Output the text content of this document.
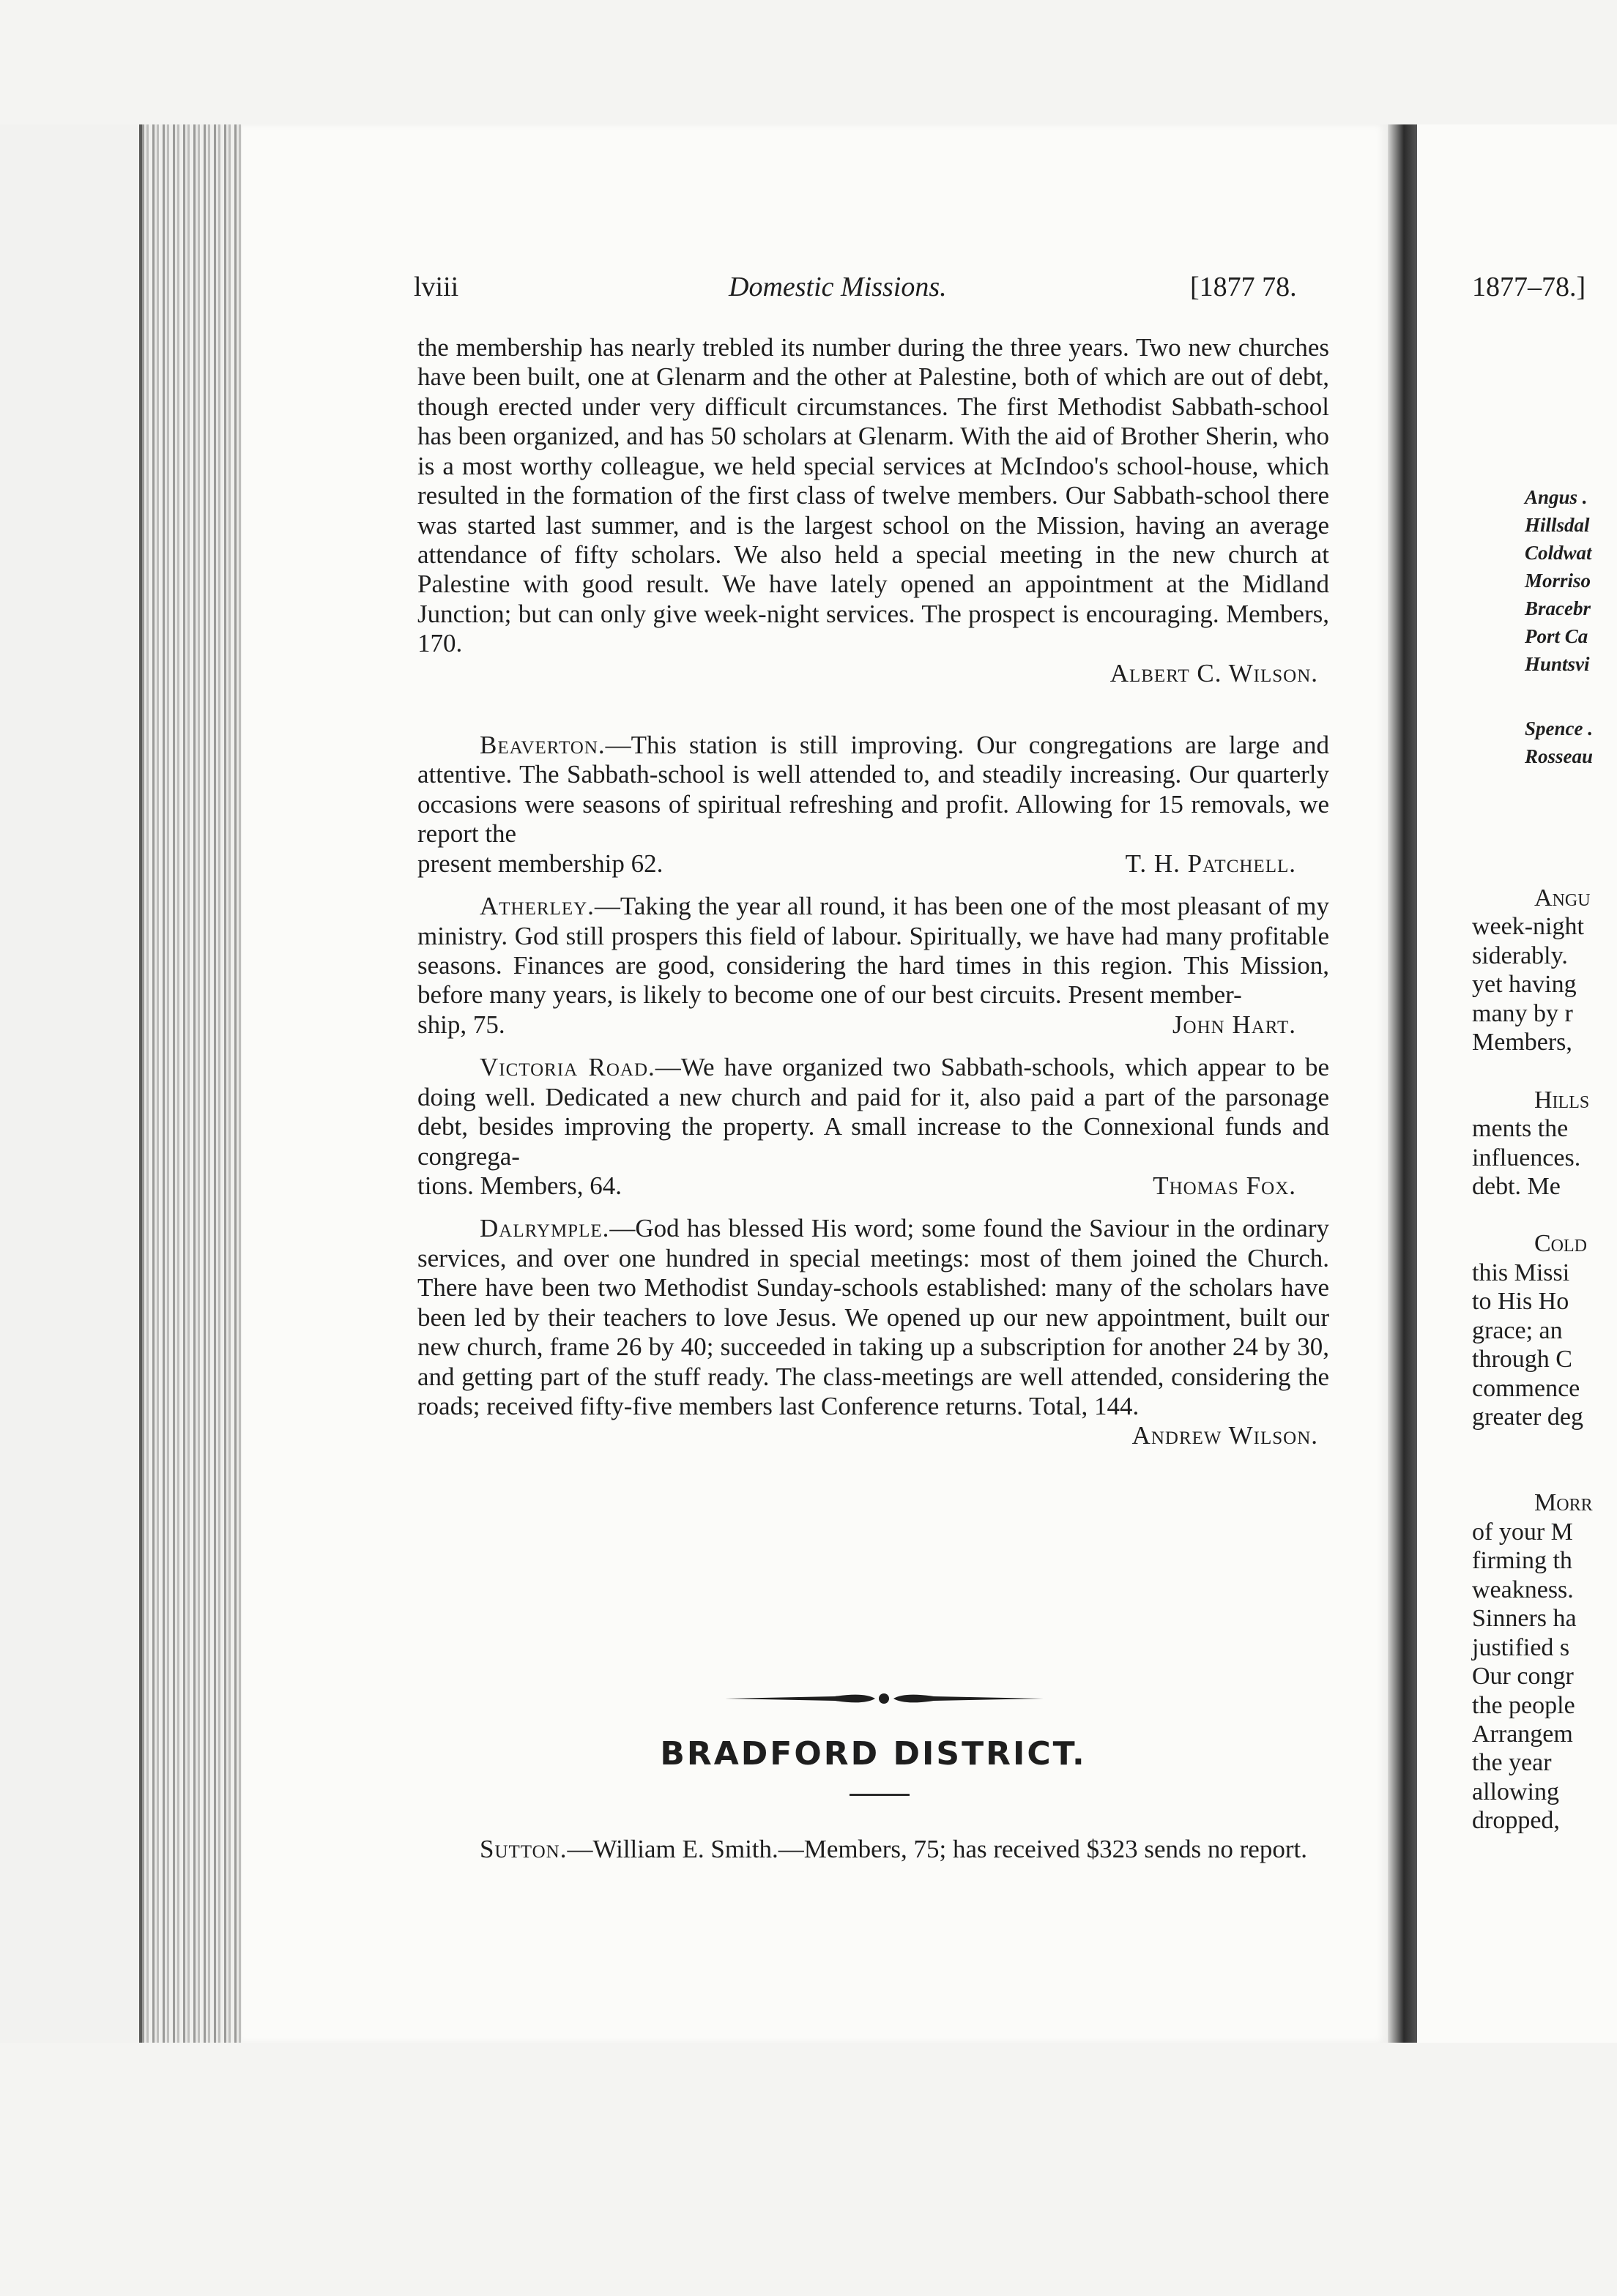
lviii	Domestic Missions.	[1877 78.

the membership has nearly trebled its number during the three years. Two new churches have been built, one at Glenarm and the other at Palestine, both of which are out of debt, though erected under very difficult circumstances. The first Methodist Sabbath-school has been organized, and has 50 scholars at Glenarm. With the aid of Brother Sherin, who is a most worthy colleague, we held special services at McIndoo's school-house, which resulted in the formation of the first class of twelve members. Our Sabbath-school there was started last summer, and is the largest school on the Mission, having an average attendance of fifty scholars. We also held a special meeting in the new church at Palestine with good result. We have lately opened an appointment at the Midland Junction; but can only give week-night services. The prospect is encouraging. Members, 170.

Albert C. Wilson.

Beaverton.—This station is still improving. Our congregations are large and attentive. The Sabbath-school is well attended to, and steadily increasing. Our quarterly occasions were seasons of spiritual refreshing and profit. Allowing for 15 removals, we report the

present membership 62.	T. H. Patchell.

Atherley.—Taking the year all round, it has been one of the most pleasant of my ministry. God still prospers this field of labour. Spiritually, we have had many profitable seasons. Finances are good, considering the hard times in this region. This Mission, before many years, is likely to become one of our best circuits. Present member-

ship, 75.	John Hart.

Victoria Road.—We have organized two Sabbath-schools, which appear to be doing well. Dedicated a new church and paid for it, also paid a part of the parsonage debt, besides improving the property. A small increase to the Connexional funds and congrega-

tions. Members, 64.	Thomas Fox.

Dalrymple.—God has blessed His word; some found the Saviour in the ordinary services, and over one hundred in special meetings: most of them joined the Church. There have been two Methodist Sunday-schools established: many of the scholars have been led by their teachers to love Jesus. We opened up our new appointment, built our new church, frame 26 by 40; succeeded in taking up a subscription for another 24 by 30, and getting part of the stuff ready. The class-meetings are well attended, considering the roads; received fifty-five members last Conference returns. Total, 144.

Andrew Wilson.
BRADFORD DISTRICT.

Sutton.—William E. Smith.—Members, 75; has received $323 sends no report.

1877–78.]
Angus .
Hillsdal
Coldwat
Morriso
Bracebr
Port Ca
Huntsvi
Spence .
Rosseau
Angu
week-night
siderably.
yet having
many by r
Members,
Hills
ments the
influences.
debt. Me
Cold
this Missi
to His Ho
grace; an
through C
commence
greater deg
Morr
of your M
firming th
weakness.
Sinners ha
justified s
Our congr
the people
Arrangem
the year
allowing
dropped,
